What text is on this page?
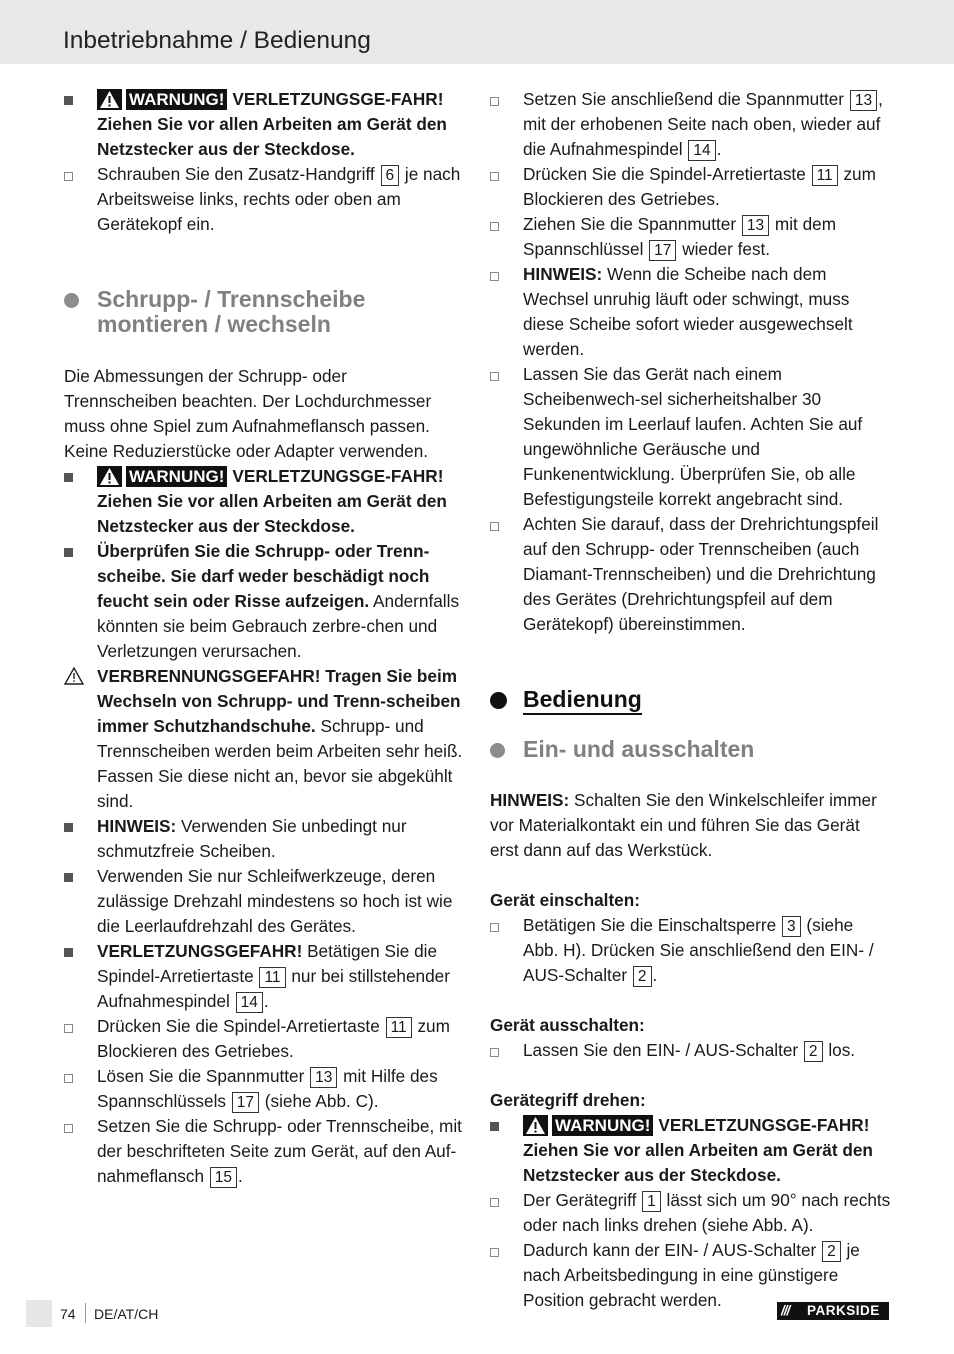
Inbetriebnahme / Bedienung
WARNUNG! VERLETZUNGSGE-FAHR! Ziehen Sie vor allen Arbeiten am Gerät den Netzstecker aus der Steckdose.
Schrauben Sie den Zusatz-Handgriff 6 je nach Arbeitsweise links, rechts oder oben am Gerätekopf ein.
Schrupp- / Trennscheibe
montieren / wechseln

Die Abmessungen der Schrupp- oder Trennscheiben beachten. Der Lochdurchmesser muss ohne Spiel zum Aufnahmeflansch passen. Keine Reduzierstücke oder Adapter verwenden.

WARNUNG! VERLETZUNGSGE-FAHR! Ziehen Sie vor allen Arbeiten am Gerät den Netzstecker aus der Steckdose.
Überprüfen Sie die Schrupp- oder Trenn-scheibe. Sie darf weder beschädigt noch feucht sein oder Risse aufzeigen. Andernfalls könnten sie beim Gebrauch zerbre-chen und Verletzungen verursachen.
VERBRENNUNGSGEFAHR! Tragen Sie beim Wechseln von Schrupp- und Trenn-scheiben immer Schutzhandschuhe. Schrupp- und Trennscheiben werden beim Arbeiten sehr heiß. Fassen Sie diese nicht an, bevor sie abgekühlt sind.
HINWEIS: Verwenden Sie unbedingt nur schmutzfreie Scheiben.
Verwenden Sie nur Schleifwerkzeuge, deren zulässige Drehzahl mindestens so hoch ist wie die Leerlaufdrehzahl des Gerätes.
VERLETZUNGSGEFAHR! Betätigen Sie die Spindel-Arretiertaste 11 nur bei stillstehender Aufnahmespindel 14 .
Drücken Sie die Spindel-Arretiertaste 11 zum Blockieren des Getriebes.
Lösen Sie die Spannmutter 13 mit Hilfe des Spannschlüssels 17 (siehe Abb. C).
Setzen Sie die Schrupp- oder Trennscheibe, mit der beschrifteten Seite zum Gerät, auf den Auf-nahmeflansch 15 .
Setzen Sie anschließend die Spannmutter 13 , mit der erhobenen Seite nach oben, wieder auf die Aufnahmespindel 14 .
Drücken Sie die Spindel-Arretiertaste 11 zum Blockieren des Getriebes.
Ziehen Sie die Spannmutter 13 mit dem Spannschlüssel 17 wieder fest.
HINWEIS: Wenn die Scheibe nach dem Wechsel unruhig läuft oder schwingt, muss diese Scheibe sofort wieder ausgewechselt werden.
Lassen Sie das Gerät nach einem Scheibenwech-sel sicherheitshalber 30 Sekunden im Leerlauf laufen. Achten Sie auf ungewöhnliche Geräusche und Funkenentwicklung. Überprüfen Sie, ob alle Befestigungsteile korrekt angebracht sind.
Achten Sie darauf, dass der Drehrichtungspfeil auf den Schrupp- oder Trennscheiben (auch Diamant-Trennscheiben) und die Drehrichtung des Gerätes (Drehrichtungspfeil auf dem Gerätekopf) übereinstimmen.
Bedienung
Ein- und ausschalten

HINWEIS: Schalten Sie den Winkelschleifer immer vor Materialkontakt ein und führen Sie das Gerät erst dann auf das Werkstück.

Gerät einschalten:
Betätigen Sie die Einschaltsperre 3 (siehe Abb. H). Drücken Sie anschließend den EIN- / AUS-Schalter 2 .
Gerät ausschalten:
Lassen Sie den EIN- / AUS-Schalter 2 los.
Gerätegriff drehen:
WARNUNG! VERLETZUNGSGE-FAHR! Ziehen Sie vor allen Arbeiten am Gerät den Netzstecker aus der Steckdose.
Der Gerätegriff 1 lässt sich um 90° nach rechts oder nach links drehen (siehe Abb. A).
Dadurch kann der EIN- / AUS-Schalter 2 je nach Arbeitsbedingung in eine günstigere Position gebracht werden.
74 DE/AT/CH	/// PARKSIDE
